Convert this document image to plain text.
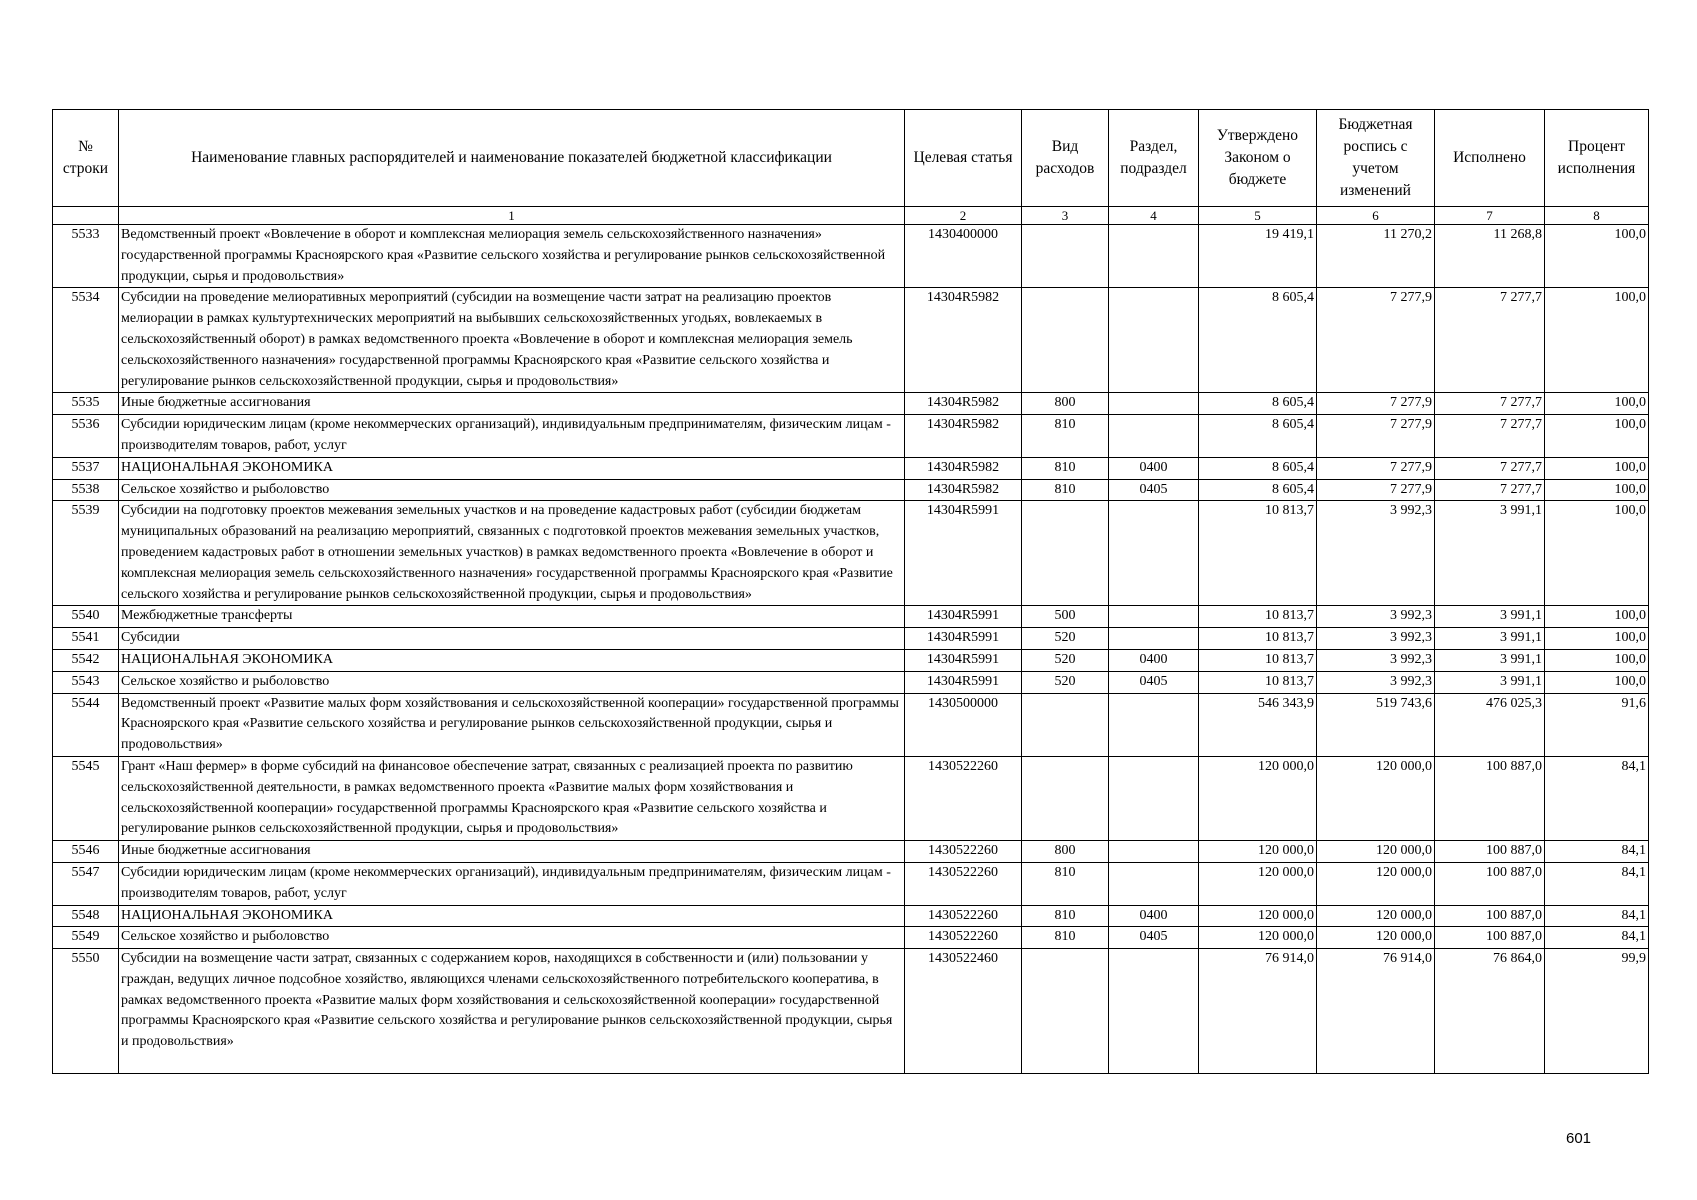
№ строки	Наименование главных распорядителей и наименование показателей бюджетной классификации	Целевая статья	Вид расходов	Раздел, подраздел	Утверждено Законом о бюджете	Бюджетная роспись с учетом изменений	Исполнено	Процент исполнения
	1	2	3	4	5	6	7	8
5533	Ведомственный проект «Вовлечение в оборот и комплексная мелиорация земель сельскохозяйственного назначения» государственной программы Красноярского края «Развитие сельского хозяйства и регулирование рынков сельскохозяйственной продукции, сырья и продовольствия»	1430400000			19 419,1	11 270,2	11 268,8	100,0
5534	Субсидии на проведение мелиоративных мероприятий (субсидии на возмещение части затрат на реализацию проектов мелиорации в рамках культуртехнических мероприятий на выбывших сельскохозяйственных угодьях, вовлекаемых в сельскохозяйственный оборот) в рамках ведомственного проекта «Вовлечение в оборот и комплексная мелиорация земель сельскохозяйственного назначения» государственной программы Красноярского края «Развитие сельского хозяйства и регулирование рынков сельскохозяйственной продукции, сырья и продовольствия»	14304R5982			8 605,4	7 277,9	7 277,7	100,0
5535	Иные бюджетные ассигнования	14304R5982	800		8 605,4	7 277,9	7 277,7	100,0
5536	Субсидии юридическим лицам (кроме некоммерческих организаций), индивидуальным предпринимателям, физическим лицам - производителям товаров, работ, услуг	14304R5982	810		8 605,4	7 277,9	7 277,7	100,0
5537	НАЦИОНАЛЬНАЯ ЭКОНОМИКА	14304R5982	810	0400	8 605,4	7 277,9	7 277,7	100,0
5538	Сельское хозяйство и рыболовство	14304R5982	810	0405	8 605,4	7 277,9	7 277,7	100,0
5539	Субсидии на подготовку проектов межевания земельных участков и на проведение кадастровых работ (субсидии бюджетам муниципальных образований на реализацию мероприятий, связанных с подготовкой проектов межевания земельных участков, проведением кадастровых работ в отношении земельных участков) в рамках ведомственного проекта «Вовлечение в оборот и комплексная мелиорация земель сельскохозяйственного назначения» государственной программы Красноярского края «Развитие сельского хозяйства и регулирование рынков сельскохозяйственной продукции, сырья и продовольствия»	14304R5991			10 813,7	3 992,3	3 991,1	100,0
5540	Межбюджетные трансферты	14304R5991	500		10 813,7	3 992,3	3 991,1	100,0
5541	Субсидии	14304R5991	520		10 813,7	3 992,3	3 991,1	100,0
5542	НАЦИОНАЛЬНАЯ ЭКОНОМИКА	14304R5991	520	0400	10 813,7	3 992,3	3 991,1	100,0
5543	Сельское хозяйство и рыболовство	14304R5991	520	0405	10 813,7	3 992,3	3 991,1	100,0
5544	Ведомственный проект «Развитие малых форм хозяйствования и сельскохозяйственной кооперации» государственной программы Красноярского края «Развитие сельского хозяйства и регулирование рынков сельскохозяйственной продукции, сырья и продовольствия»	1430500000			546 343,9	519 743,6	476 025,3	91,6
5545	Грант «Наш фермер» в форме субсидий на финансовое обеспечение затрат, связанных с реализацией проекта по развитию сельскохозяйственной деятельности, в рамках ведомственного проекта «Развитие малых форм хозяйствования и сельскохозяйственной кооперации» государственной программы Красноярского края «Развитие сельского хозяйства и регулирование рынков сельскохозяйственной продукции, сырья и продовольствия»	1430522260			120 000,0	120 000,0	100 887,0	84,1
5546	Иные бюджетные ассигнования	1430522260	800		120 000,0	120 000,0	100 887,0	84,1
5547	Субсидии юридическим лицам (кроме некоммерческих организаций), индивидуальным предпринимателям, физическим лицам - производителям товаров, работ, услуг	1430522260	810		120 000,0	120 000,0	100 887,0	84,1
5548	НАЦИОНАЛЬНАЯ ЭКОНОМИКА	1430522260	810	0400	120 000,0	120 000,0	100 887,0	84,1
5549	Сельское хозяйство и рыболовство	1430522260	810	0405	120 000,0	120 000,0	100 887,0	84,1
5550	Субсидии на возмещение части затрат, связанных с содержанием коров, находящихся в собственности и (или) пользовании у граждан, ведущих личное подсобное хозяйство, являющихся членами сельскохозяйственного потребительского кооператива, в рамках ведомственного проекта «Развитие малых форм хозяйствования и сельскохозяйственной кооперации» государственной программы Красноярского края «Развитие сельского хозяйства и регулирование рынков сельскохозяйственной продукции, сырья и продовольствия»	1430522460			76 914,0	76 914,0	76 864,0	99,9
601
